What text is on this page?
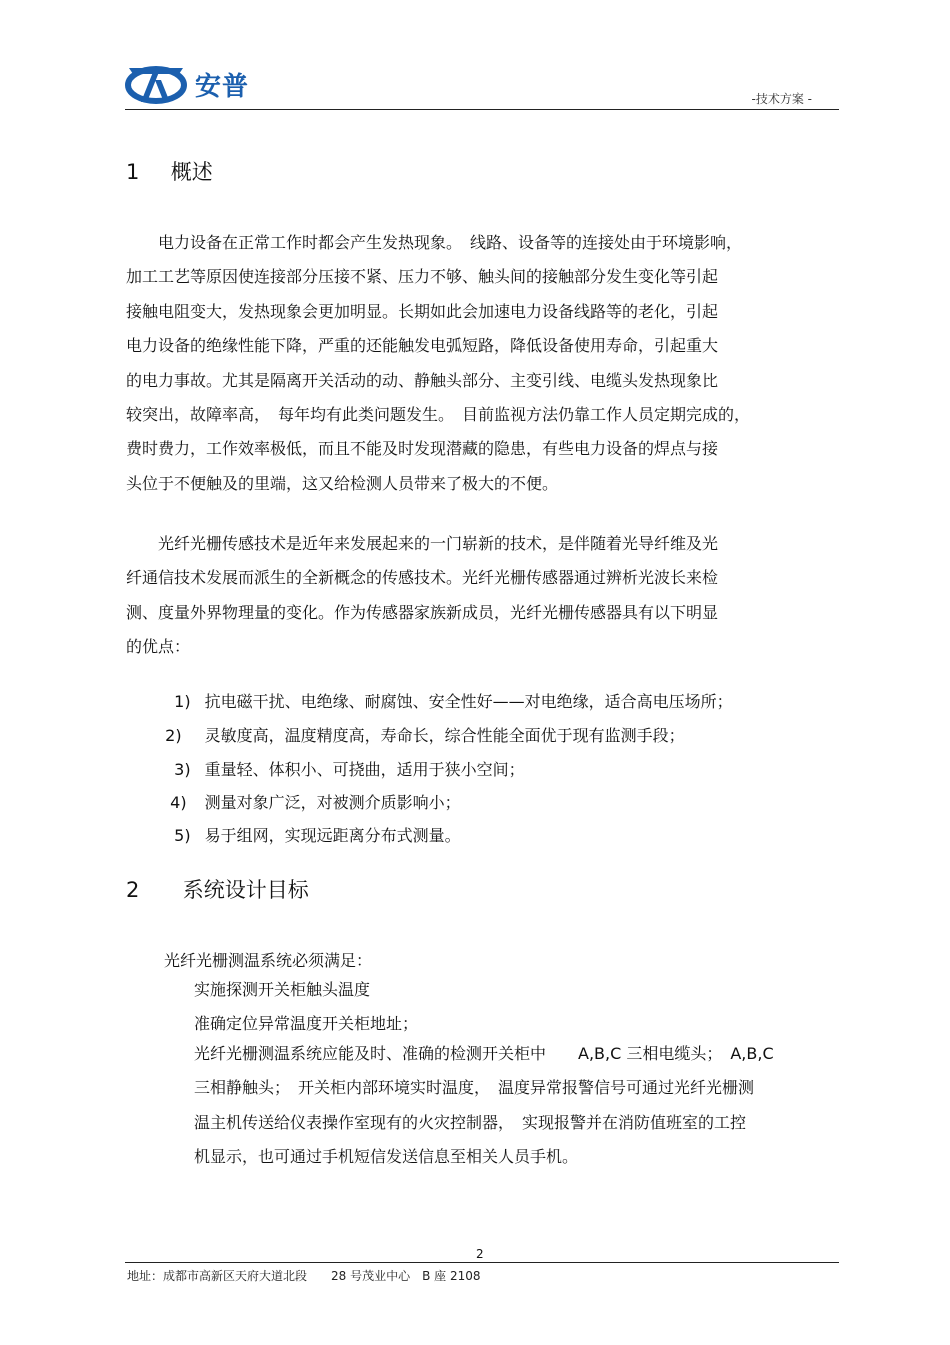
安普	-技术方案 -
1 概述
　　电力设备在正常工作时都会产生发热现象。　线路、设备等的连接处由于环境影响，
加工工艺等原因使连接部分压接不紧、压力不够、触头间的接触部分发生变化等引起
接触电阻变大，发热现象会更加明显。长期如此会加速电力设备线路等的老化，引起
电力设备的绝缘性能下降，严重的还能触发电弧短路，降低设备使用寿命，引起重大
的电力事故。尤其是隔离开关活动的动、静触头部分、主变引线、电缆头发热现象比
较突出，故障率高，　每年均有此类问题发生。　目前监视方法仍靠工作人员定期完成的，
费时费力，工作效率极低，而且不能及时发现潜藏的隐患，有些电力设备的焊点与接
头位于不便触及的里端，这又给检测人员带来了极大的不便。
　　光纤光栅传感技术是近年来发展起来的一门崭新的技术，是伴随着光导纤维及光
纤通信技术发展而派生的全新概念的传感技术。光纤光栅传感器通过辨析光波长来检
测、度量外界物理量的变化。作为传感器家族新成员，光纤光栅传感器具有以下明显
的优点：

1) 抗电磁干扰、电绝缘、耐腐蚀、安全性好——对电绝缘，适合高电压场所；

2) 灵敏度高，温度精度高，寿命长，综合性能全面优于现有监测手段；

3) 重量轻、体积小、可挠曲，适用于狭小空间；

4) 测量对象广泛，对被测介质影响小；

5) 易于组网，实现远距离分布式测量。

2 系统设计目标
光纤光栅测温系统必须满足：
实施探测开关柜触头温度
准确定位异常温度开关柜地址；
光纤光栅测温系统应能及时、准确的检测开关柜中　　A,B,C 三相电缆头；　A,B,C
三相静触头；　开关柜内部环境实时温度，　温度异常报警信号可通过光纤光栅测
温主机传送给仪表操作室现有的火灾控制器，　实现报警并在消防值班室的工控
机显示，也可通过手机短信发送信息至相关人员手机。
2
地址：成都市高新区天府大道北段　　28 号茂业中心　B 座 2108
